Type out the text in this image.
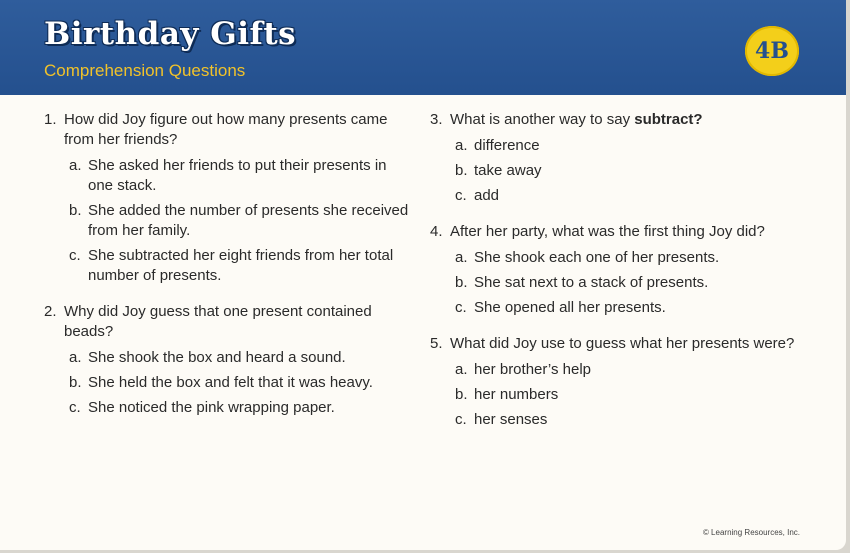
Birthday Gifts
Comprehension Questions
4B
1. How did Joy figure out how many presents came from her friends?
a. She asked her friends to put their presents in one stack.
b. She added the number of presents she received from her family.
c. She subtracted her eight friends from her total number of presents.
2. Why did Joy guess that one present contained beads?
a. She shook the box and heard a sound.
b. She held the box and felt that it was heavy.
c. She noticed the pink wrapping paper.
3. What is another way to say subtract?
a. difference
b. take away
c. add
4. After her party, what was the first thing Joy did?
a. She shook each one of her presents.
b. She sat next to a stack of presents.
c. She opened all her presents.
5. What did Joy use to guess what her presents were?
a. her brother’s help
b. her numbers
c. her senses
© Learning Resources, Inc.
